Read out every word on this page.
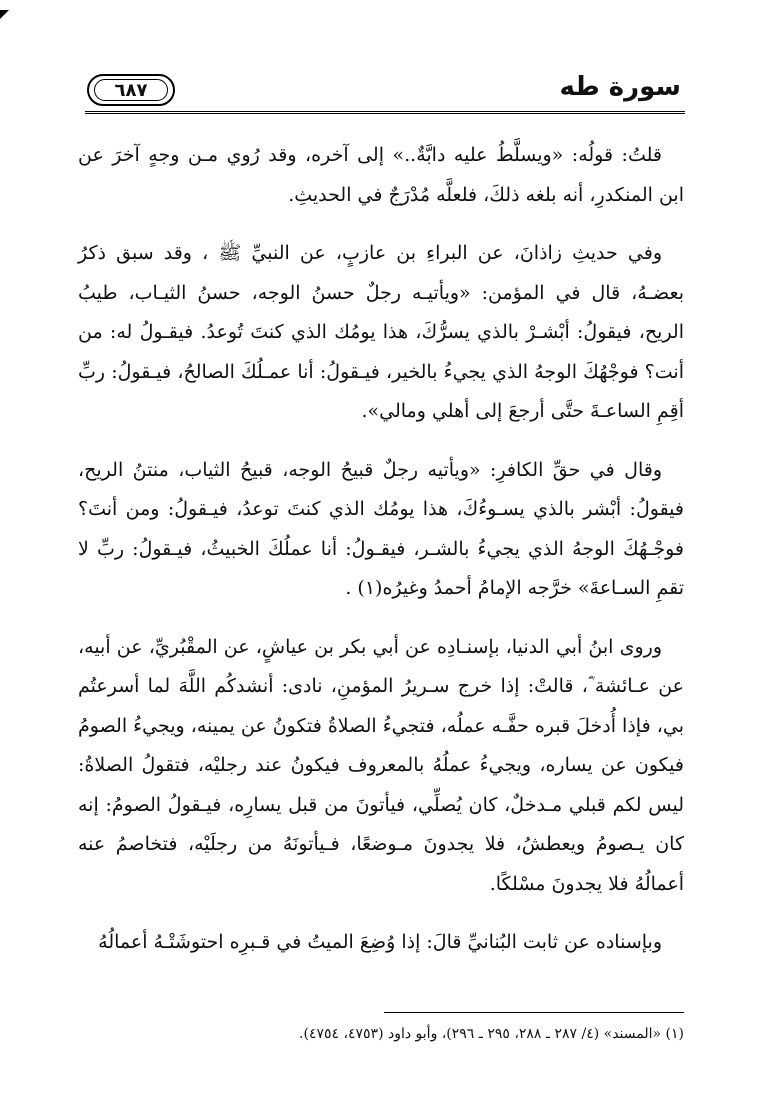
سورة طه
٦٨٧

قلتُ: قولُه: «ويسلَّطُ عليه دابَّةٌ..» إلى آخره، وقد رُوي مـن وجهٍ آخرَ عن ابن المنكدرِ، أنه بلغه ذلكَ، فلعلَّه مُدْرَجٌ في الحديثِ.

وفي حديثِ زاذانَ، عن البراءِ بن عازبٍ، عن النبيِّ ﷺ ، وقد سبق ذكرُ بعضـهُ، قال في المؤمن: «ويأتيـه رجلٌ حسنُ الوجه، حسنُ الثيـاب، طيبُ الريح، فيقولُ: أبْشـرْ بالذي يسرُّكَ، هذا يومُك الذي كنتَ تُوعدُ. فيقـولُ له: من أنت؟ فوجْهُكَ الوجهُ الذي يجيءُ بالخير، فيـقولُ: أنا عمـلُكَ الصالحُ، فيـقولُ: ربِّ أقِمِ الساعـةَ حتَّى أرجعَ إلى أهلي ومالي».

وقال في حقِّ الكافرِ: «ويأتيه رجلٌ قبيحُ الوجه، قبيحُ الثياب، منتنُ الريح، فيقولُ: أبْشر بالذي يسـوءُكَ، هذا يومُك الذي كنتَ توعدُ، فيـقولُ: ومن أنتَ؟ فوجْـهُكَ الوجهُ الذي يجيءُ بالشـر، فيقـولُ: أنا عملُكَ الخبيثُ، فيـقولُ: ربِّ لا تقمِ السـاعةَ» خرَّجه الإمامُ أحمدُ وغيرُه(١) .

وروى ابنُ أبي الدنيا، بإسنـادِه عن أبي بكر بن عياشٍ، عن المقْبُريِّ، عن أبيه، عن عـائشة ؓ، قالتْ: إذا خرج سـريرُ المؤمنِ، نادى: أنشدكُم اللَّهَ لما أسرعتُم بي، فإذا أُدخلَ قبره حفَّـه عملُه، فتجيءُ الصلاةُ فتكونُ عن يمينه، ويجيءُ الصومُ فيكون عن يساره، ويجيءُ عملُهُ بالمعروف فيكونُ عند رجليْه، فتقولُ الصلاةُ: ليس لكم قبلي مـدخلٌ، كان يُصلِّي، فيأتونَ من قبل يسارِه، فيـقولُ الصومُ: إنه كان يـصومُ ويعطشُ، فلا يجدونَ مـوضعًا، فـيأتونَهُ من رجلَيْه، فتخاصمُ عنه أعمالُهُ فلا يجدونَ مسْلكًا.

وبإسناده عن ثابت البُنانيِّ قالَ: إذا وُضِعَ الميتُ في قـبرِه احتوشَتْـهُ أعمالُهُ

(١) «المسند» (٤/ ٢٨٧ ـ ٢٨٨، ٢٩٥ ـ ٢٩٦)، وأبو داود (٤٧٥٣، ٤٧٥٤).
